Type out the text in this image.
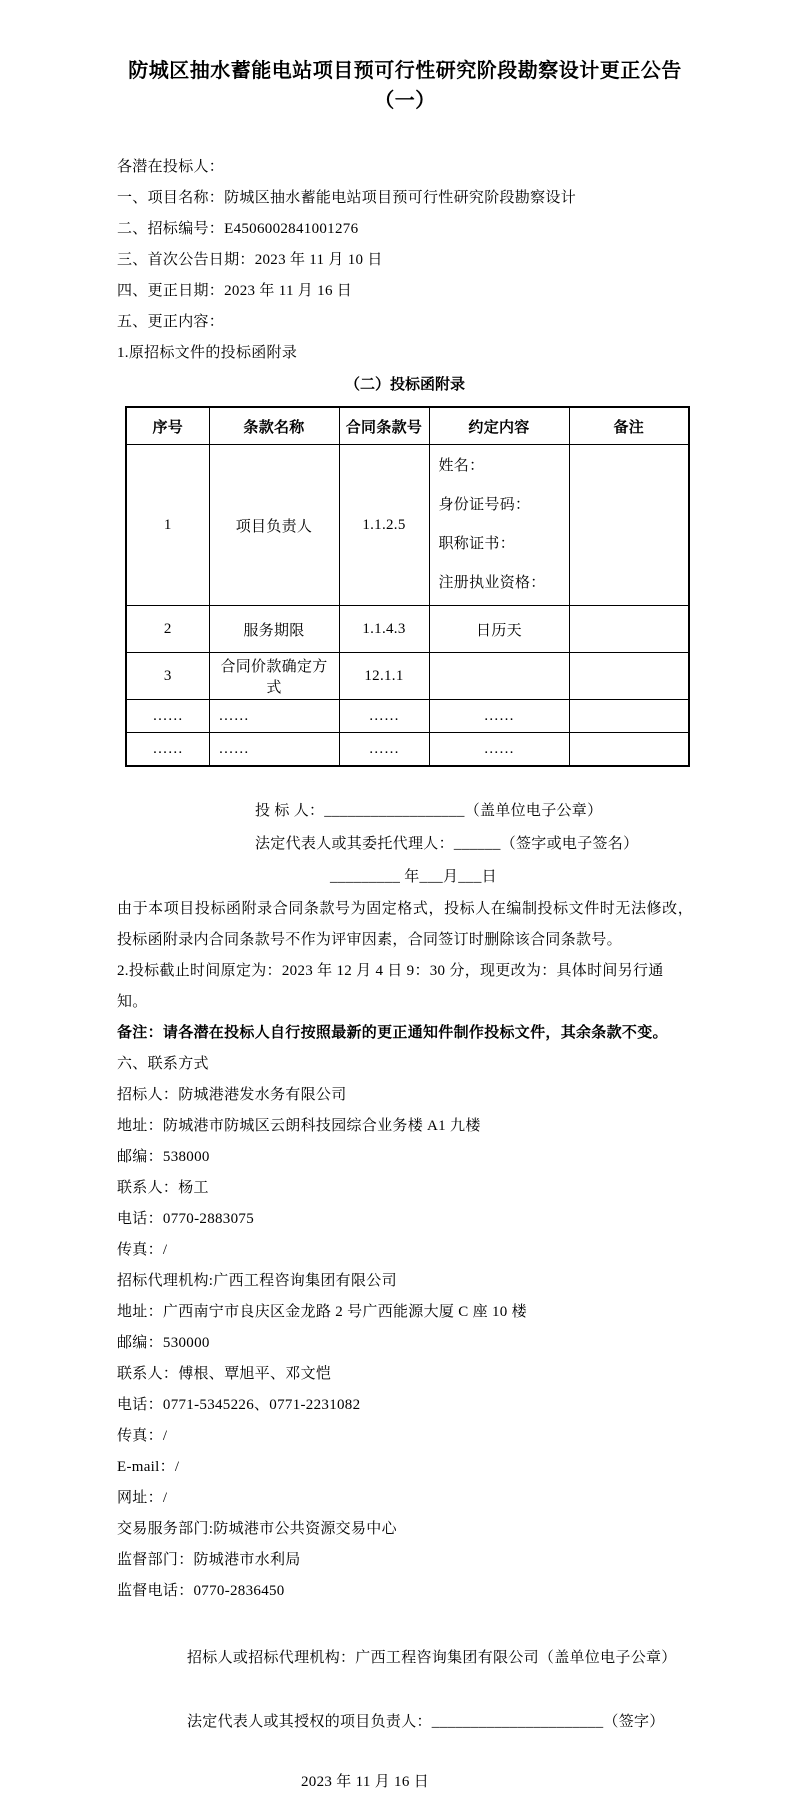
防城区抽水蓄能电站项目预可行性研究阶段勘察设计更正公告（一）

各潜在投标人：

一、项目名称：防城区抽水蓄能电站项目预可行性研究阶段勘察设计

二、招标编号：E4506002841001276

三、首次公告日期：2023 年 11 月 10 日

四、更正日期：2023 年 11 月 16 日

五、更正内容：

1.原招标文件的投标函附录

（二）投标函附录

序号	条款名称	合同条款号	约定内容	备注
1	项目负责人	1.1.2.5	姓名：
身份证号码：
职称证书：
注册执业资格：	

2	服务期限	1.1.4.3	日历天	
3	合同价款确定方式	12.1.1		
……	……	……	……	
……	……	……	……	

投 标 人：__________________（盖单位电子公章）

法定代表人或其委托代理人：______（签字或电子签名）

_________ 年___月___日

由于本项目投标函附录合同条款号为固定格式，投标人在编制投标文件时无法修改，投标函附录内合同条款号不作为评审因素，合同签订时删除该合同条款号。

2.投标截止时间原定为：2023 年 12 月 4 日 9：30 分，现更改为：具体时间另行通知。

备注：请各潜在投标人自行按照最新的更正通知件制作投标文件，其余条款不变。

六、联系方式

招标人：防城港港发水务有限公司

地址：防城港市防城区云朗科技园综合业务楼 A1 九楼

邮编：538000

联系人：杨工

电话：0770-2883075

传真：/

招标代理机构:广西工程咨询集团有限公司

地址：广西南宁市良庆区金龙路 2 号广西能源大厦 C 座 10 楼

邮编：530000

联系人：傅根、覃旭平、邓文恺

电话：0771-5345226、0771-2231082

传真：/

E-mail：/

网址：/

交易服务部门:防城港市公共资源交易中心

监督部门：防城港市水利局

监督电话：0770-2836450

招标人或招标代理机构：广西工程咨询集团有限公司（盖单位电子公章）

法定代表人或其授权的项目负责人：______________________（签字）

2023 年 11 月 16 日
